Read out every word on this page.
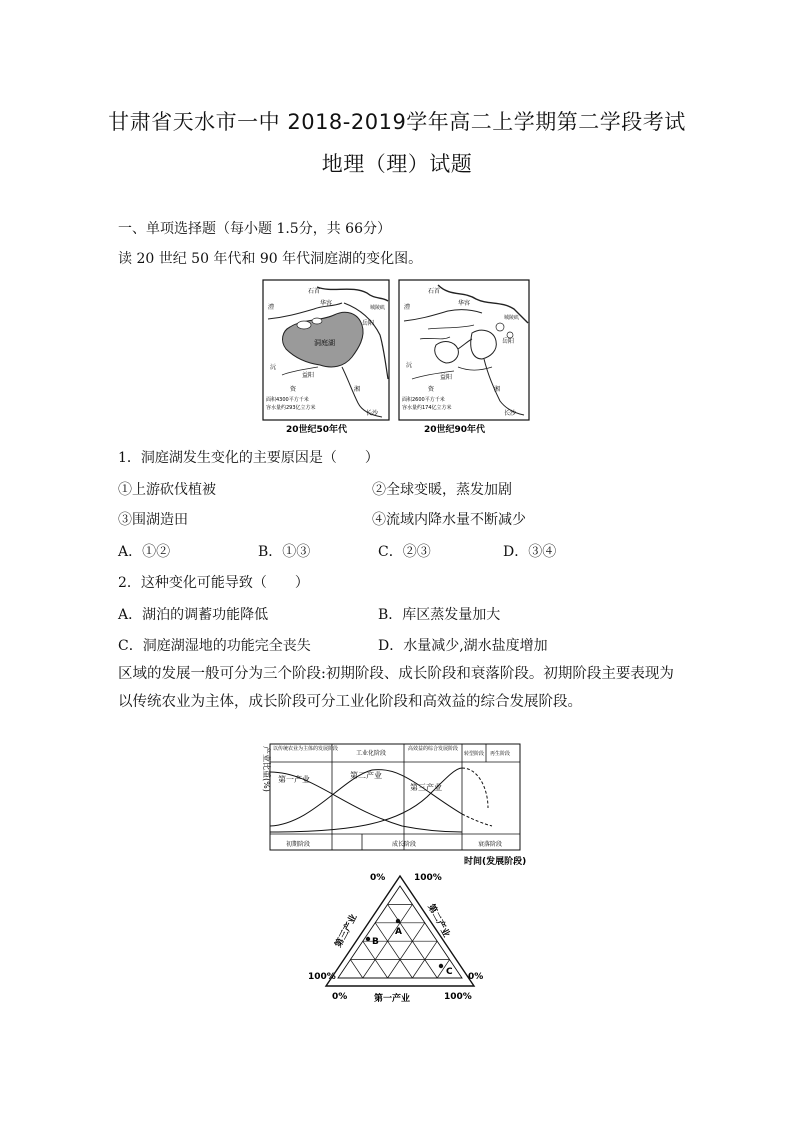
甘肃省天水市一中 2018-2019学年高二上学期第二学段考试
地理（理）试题
一、单项选择题（每小题 1.5分，共 66分）
读 20 世纪 50 年代和 90 年代洞庭湖的变化图。
洞庭湖
石首
华容
岳阳
城陵矶
澧
益阳
沅
长沙
湘
资
面积4300平方千米
容水量约293亿立方米
20世纪50年代
石首
华容
岳阳
城陵矶
澧
益阳
沅
长沙
湘
资
面积2600平方千米
容水量约174亿立方米
20世纪90年代
1．洞庭湖发生变化的主要原因是（　　）
①上游砍伐植被	②全球变暖，蒸发加剧
③围湖造田	④流域内降水量不断减少
A．①②	B．①③	C．②③	D．③④
2．这种变化可能导致（　　）
A．湖泊的调蓄功能降低	B．库区蒸发量加大
C．洞庭湖湿地的功能完全丧失	D．水量减少,湖水盐度增加
区域的发展一般可分为三个阶段:初期阶段、成长阶段和衰落阶段。初期阶段主要表现为以传统农业为主体，成长阶段可分工业化阶段和高效益的综合发展阶段。
以传统农业为主体的发展阶段
工业化阶段
高效益的综合发展阶段
转型阶段 再生阶段
第一产业	第二产业
第三产业
初期阶段	成长阶段	衰落阶段
产业比重(%)
时间(发展阶段)
A
B
C
0%	100%
100%	0%
0%	100%
第三产业	第二产业
第一产业
